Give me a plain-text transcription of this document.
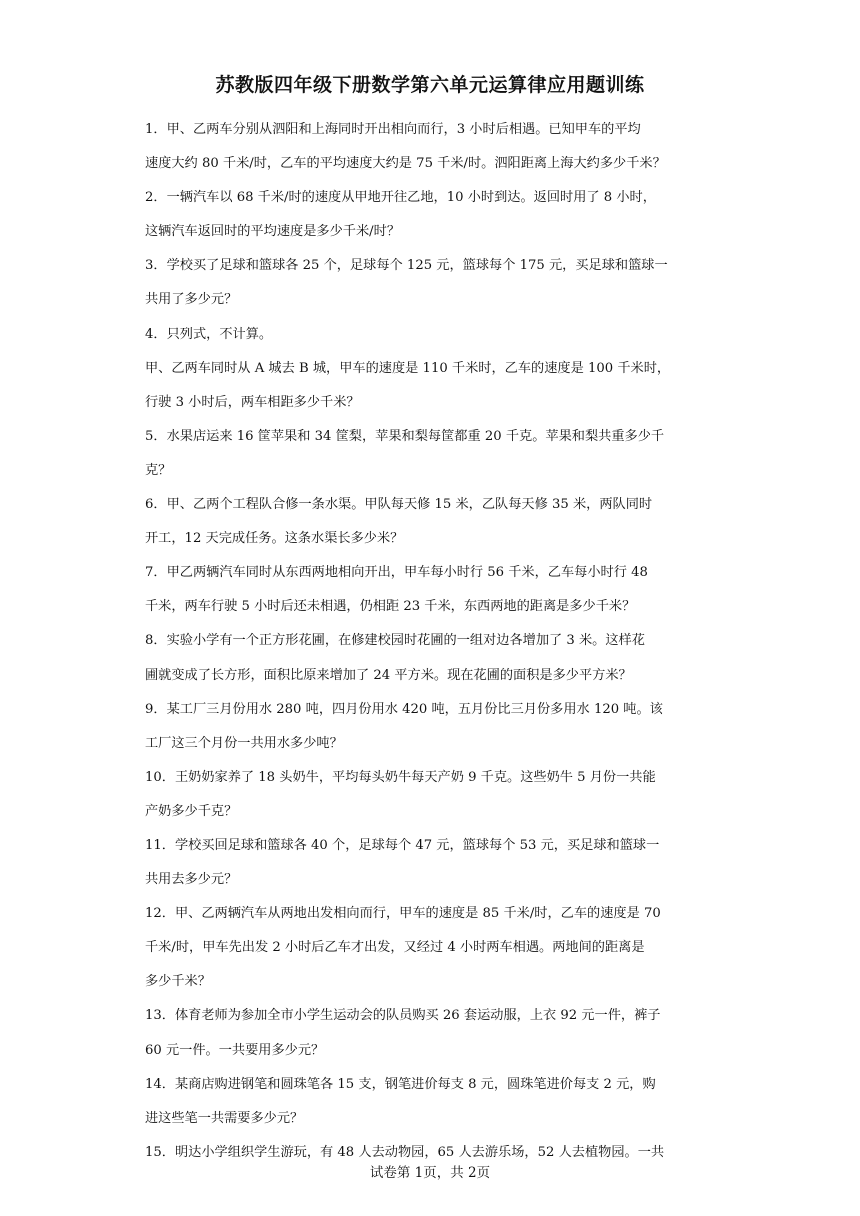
苏教版四年级下册数学第六单元运算律应用题训练
1．甲、乙两车分别从泗阳和上海同时开出相向而行，3 小时后相遇。已知甲车的平均
速度大约 80 千米/时，乙车的平均速度大约是 75 千米/时。泗阳距离上海大约多少千米？
2．一辆汽车以 68 千米/时的速度从甲地开往乙地，10 小时到达。返回时用了 8 小时，
这辆汽车返回时的平均速度是多少千米/时？
3．学校买了足球和篮球各 25 个，足球每个 125 元，篮球每个 175 元，买足球和篮球一
共用了多少元？
4．只列式，不计算。
甲、乙两车同时从 A 城去 B 城，甲车的速度是 110 千米时，乙车的速度是 100 千米时，
行驶 3 小时后，两车相距多少千米？
5．水果店运来 16 筐苹果和 34 筐梨，苹果和梨每筐都重 20 千克。苹果和梨共重多少千
克？
6．甲、乙两个工程队合修一条水渠。甲队每天修 15 米，乙队每天修 35 米，两队同时
开工，12 天完成任务。这条水渠长多少米？
7．甲乙两辆汽车同时从东西两地相向开出，甲车每小时行 56 千米，乙车每小时行 48
千米，两车行驶 5 小时后还未相遇，仍相距 23 千米，东西两地的距离是多少千米？
8．实验小学有一个正方形花圃，在修建校园时花圃的一组对边各增加了 3 米。这样花
圃就变成了长方形，面积比原来增加了 24 平方米。现在花圃的面积是多少平方米？
9．某工厂三月份用水 280 吨，四月份用水 420 吨，五月份比三月份多用水 120 吨。该
工厂这三个月份一共用水多少吨？
10．王奶奶家养了 18 头奶牛，平均每头奶牛每天产奶 9 千克。这些奶牛 5 月份一共能
产奶多少千克？
11．学校买回足球和篮球各 40 个，足球每个 47 元，篮球每个 53 元，买足球和篮球一
共用去多少元？
12．甲、乙两辆汽车从两地出发相向而行，甲车的速度是 85 千米/时，乙车的速度是 70
千米/时，甲车先出发 2 小时后乙车才出发，又经过 4 小时两车相遇。两地间的距离是
多少千米？
13．体育老师为参加全市小学生运动会的队员购买 26 套运动服，上衣 92 元一件，裤子
60 元一件。一共要用多少元？
14．某商店购进钢笔和圆珠笔各 15 支，钢笔进价每支 8 元，圆珠笔进价每支 2 元，购
进这些笔一共需要多少元？
15．明达小学组织学生游玩，有 48 人去动物园，65 人去游乐场，52 人去植物园。一共
试卷第 1页，共 2页
